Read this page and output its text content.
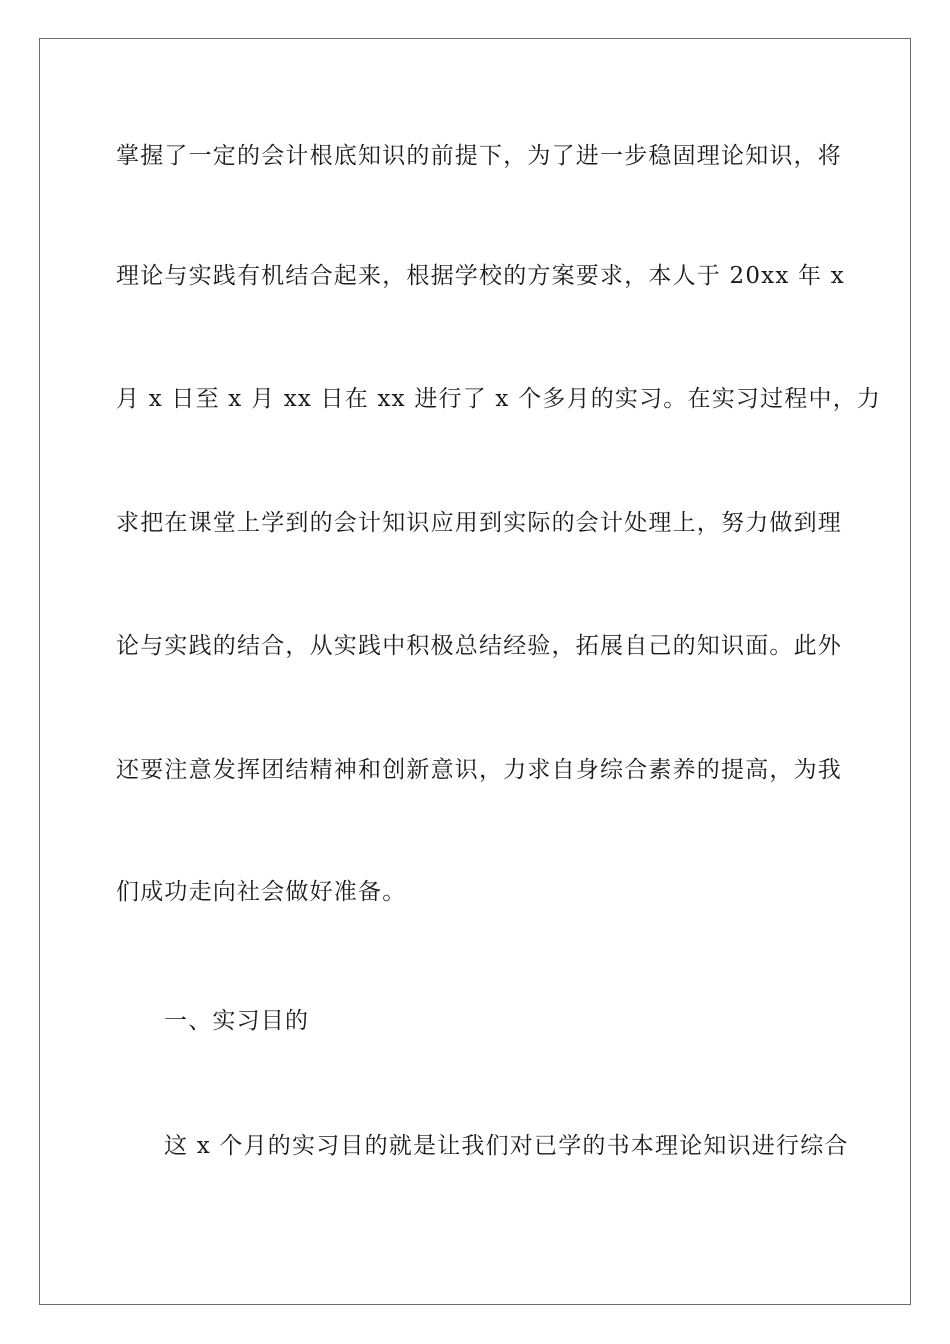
掌握了一定的会计根底知识的前提下，为了进一步稳固理论知识，将
理论与实践有机结合起来，根据学校的方案要求，本人于 20xx 年 x
月 x 日至 x 月 xx 日在 xx 进行了 x 个多月的实习。在实习过程中，力
求把在课堂上学到的会计知识应用到实际的会计处理上，努力做到理
论与实践的结合，从实践中积极总结经验，拓展自己的知识面。此外
还要注意发挥团结精神和创新意识，力求自身综合素养的提高，为我
们成功走向社会做好准备。
一、实习目的
这 x 个月的实习目的就是让我们对已学的书本理论知识进行综合
